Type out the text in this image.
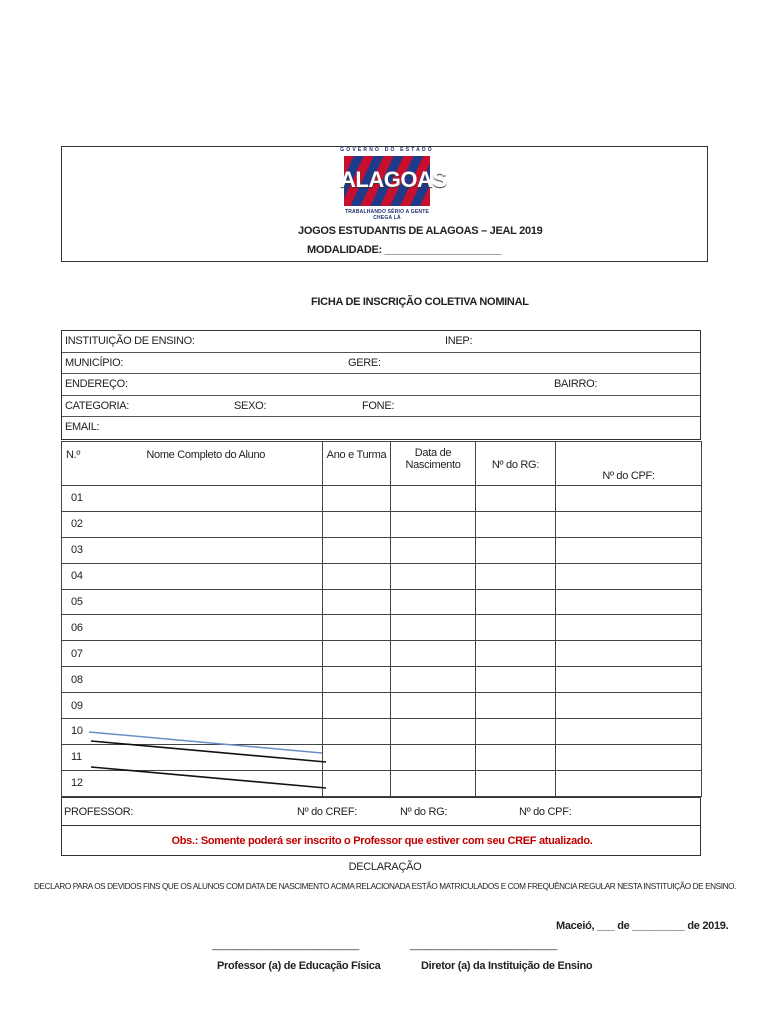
GOVERNO DO ESTADO
ALAGOAS
TRABALHANDO SÉRIO A GENTE CHEGA LÁ
JOGOS ESTUDANTIS DE ALAGOAS – JEAL 2019
MODALIDADE: ____________________
FICHA DE INSCRIÇÃO COLETIVA NOMINAL
INSTITUIÇÃO DE ENSINO:	INEP:
MUNICÍPIO:	GERE:
ENDEREÇO:	BAIRRO:
CATEGORIA:	SEXO:	FONE:
EMAIL:
N.º	Nome Completo do Aluno	Ano e Turma	Data de Nascimento	Nº do RG:	Nº do CPF:
01					
02					
03					
04					
05					
06					
07					
08					
09					
10					
11					
12					
PROFESSOR:	Nº do CREF:	Nº do RG:	Nº do CPF:
Obs.: Somente poderá ser inscrito o Professor que estiver com seu CREF atualizado.
DECLARAÇÃO
DECLARO PARA OS DEVIDOS FINS QUE OS ALUNOS COM DATA DE NASCIMENTO ACIMA RELACIONADA ESTÃO MATRICULADOS E COM FREQUÊNCIA REGULAR NESTA INSTITUIÇÃO DE ENSINO.
Maceió, ___ de _________ de 2019.
_____________________________
Professor (a) de Educação Física
_____________________________
Diretor (a) da Instituição de Ensino
